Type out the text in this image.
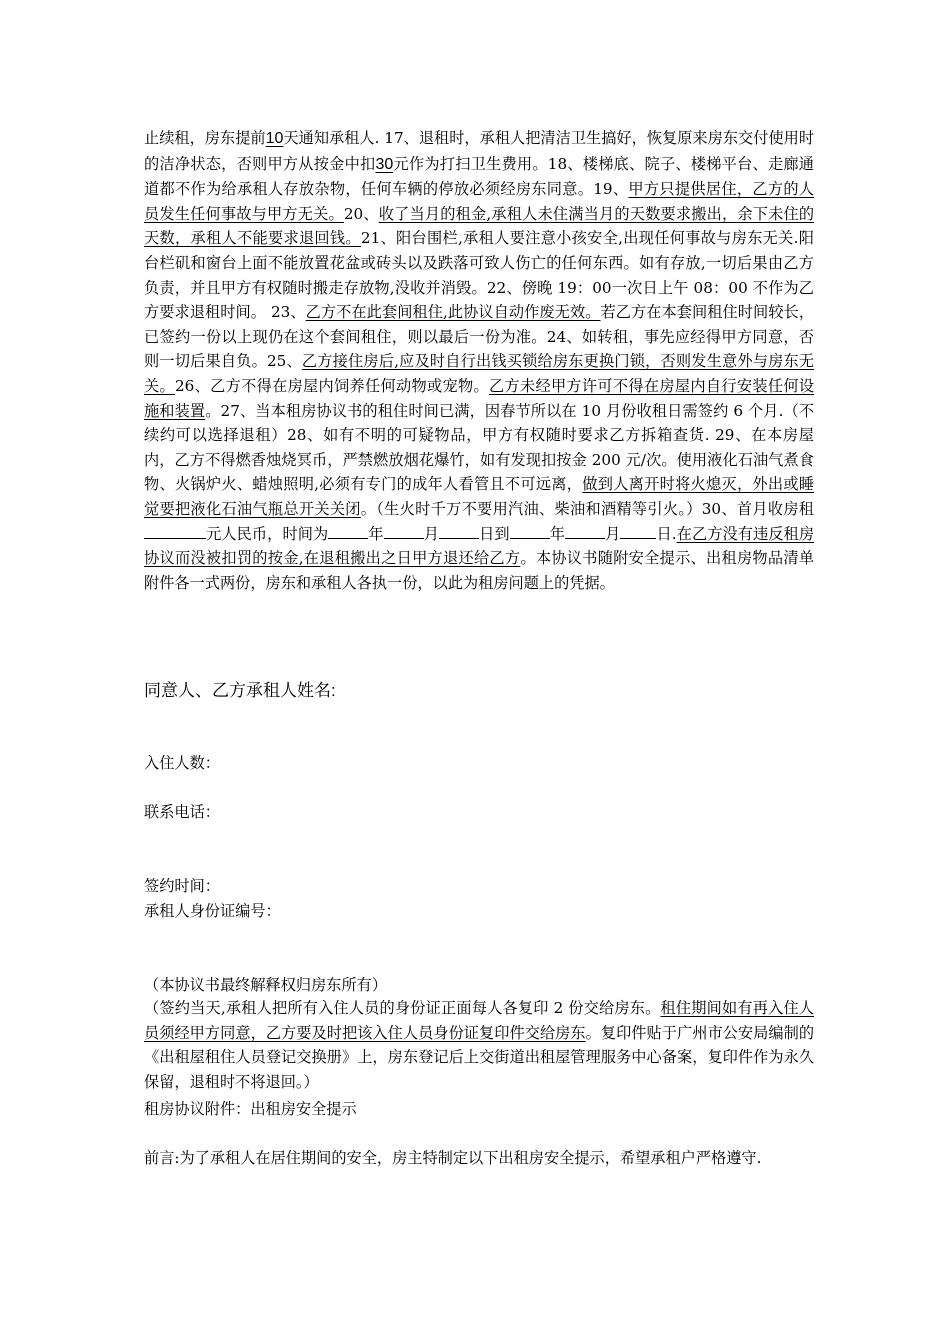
止续租，房东提前10天通知承租人. 17、退租时，承租人把清洁卫生搞好，恢复原来房东交付使用时的洁净状态，否则甲方从按金中扣30元作为打扫卫生费用。18、楼梯底、院子、楼梯平台、走廊通道都不作为给承租人存放杂物，任何车辆的停放必须经房东同意。19、甲方只提供居住，乙方的人员发生任何事故与甲方无关。20、收了当月的租金,承租人未住满当月的天数要求搬出，余下未住的天数，承租人不能要求退回钱。21、阳台围栏,承租人要注意小孩安全,出现任何事故与房东无关.阳台栏矶和窗台上面不能放置花盆或砖头以及跌落可致人伤亡的任何东西。如有存放,一切后果由乙方负责，并且甲方有权随时搬走存放物,没收并消毁。22、傍晚 19：00一次日上午 08：00 不作为乙方要求退租时间。 23、乙方不在此套间租住,此协议自动作废无效。若乙方在本套间租住时间较长，已签约一份以上现仍在这个套间租住，则以最后一份为准。24、如转租，事先应经得甲方同意，否则一切后果自负。25、乙方接住房后,应及时自行出钱买锁给房东更换门锁，否则发生意外与房东无关。26、乙方不得在房屋内饲养任何动物或宠物。乙方未经甲方许可不得在房屋内自行安装任何设施和装置。27、当本租房协议书的租住时间已满，因春节所以在 10 月份收租日需签约 6 个月.（不续约可以选择退租）28、如有不明的可疑物品，甲方有权随时要求乙方拆箱查货. 29、在本房屋内，乙方不得燃香烛烧冥币，严禁燃放烟花爆竹，如有发现扣按金 200 元/次。使用液化石油气煮食物、火锅炉火、蜡烛照明,必须有专门的成年人看管且不可远离，做到人离开时将火熄灭，外出或睡觉要把液化石油气瓶总开关关闭。（生火时千万不要用汽油、柴油和酒精等引火。）30、首月收房租元人民币，时间为	年	月	日到	年	月 日.在乙方没有违反租房协议而没被扣罚的按金,在退租搬出之日甲方退还给乙方。本协议书随附安全提示、出租房物品清单附件各一式两份，房东和承租人各执一份，以此为租房问题上的凭据。

同意人、乙方承租人姓名:

入住人数：

联系电话：

签约时间：

承租人身份证编号：

（本协议书最终解释权归房东所有）

（签约当天,承租人把所有入住人员的身份证正面每人各复印 2 份交给房东。租住期间如有再入住人员须经甲方同意，乙方要及时把该入住人员身份证复印件交给房东。复印件贴于广州市公安局编制的《出租屋租住人员登记交换册》上，房东登记后上交街道出租屋管理服务中心备案，复印件作为永久保留，退租时不将退回。）

租房协议附件：出租房安全提示

前言:为了承租人在居住期间的安全，房主特制定以下出租房安全提示，希望承租户严格遵守.
